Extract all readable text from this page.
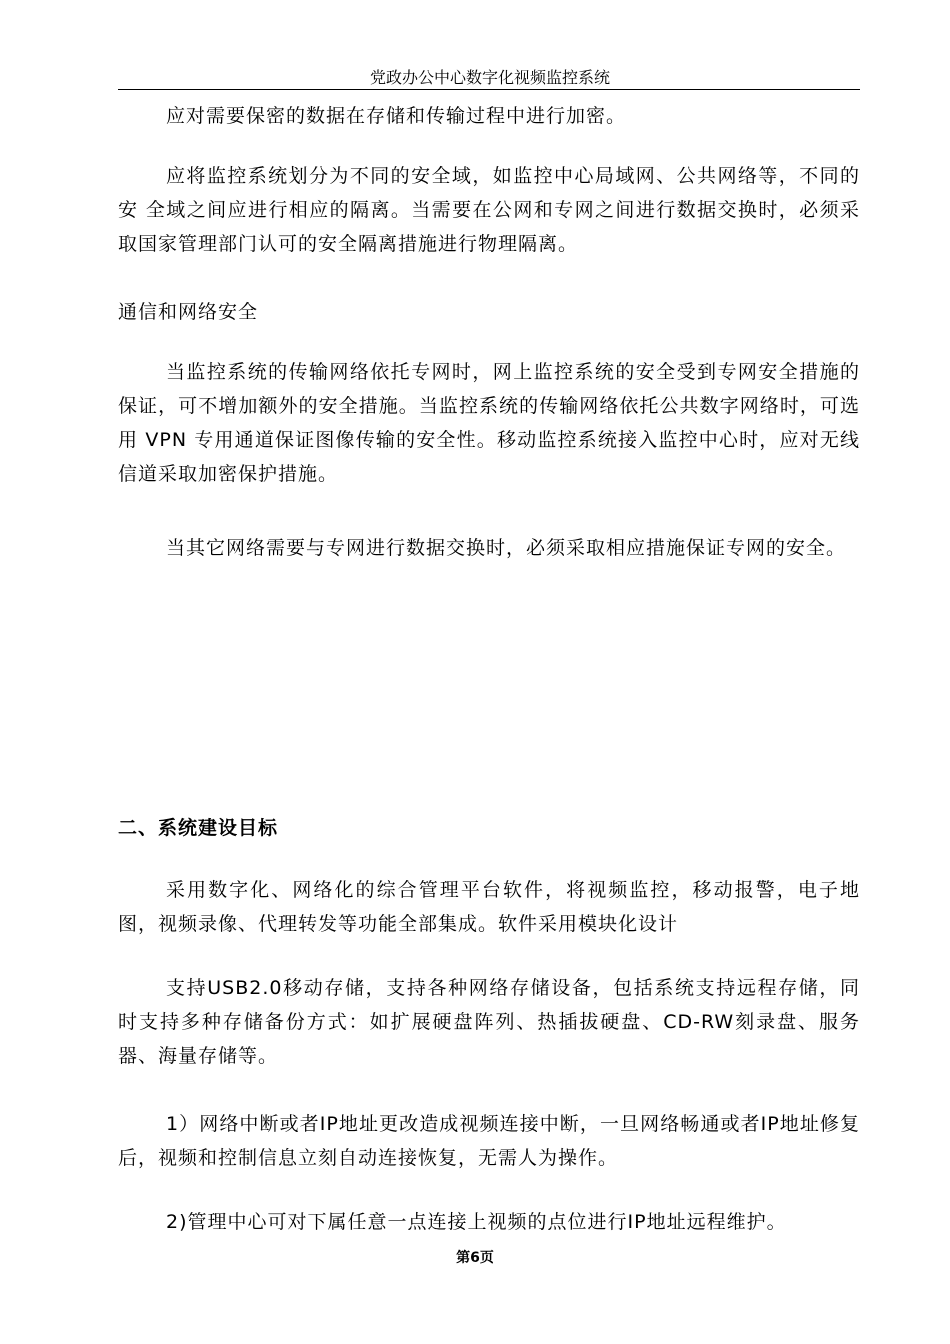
党政办公中心数字化视频监控系统

应对需要保密的数据在存储和传输过程中进行加密。

应将监控系统划分为不同的安全域，如监控中心局域网、公共网络等，不同的安 全域之间应进行相应的隔离。当需要在公网和专网之间进行数据交换时，必须采取国家管理部门认可的安全隔离措施进行物理隔离。

通信和网络安全

当监控系统的传输网络依托专网时，网上监控系统的安全受到专网安全措施的保证，可不增加额外的安全措施。当监控系统的传输网络依托公共数字网络时，可选用 VPN 专用通道保证图像传输的安全性。移动监控系统接入监控中心时，应对无线信道采取加密保护措施。

当其它网络需要与专网进行数据交换时，必须采取相应措施保证专网的安全。

二、系统建设目标

采用数字化、网络化的综合管理平台软件，将视频监控，移动报警，电子地图，视频录像、代理转发等功能全部集成。软件采用模块化设计

支持USB2.0移动存储，支持各种网络存储设备，包括系统支持远程存储，同时支持多种存储备份方式：如扩展硬盘阵列、热插拔硬盘、CD-RW刻录盘、服务器、海量存储等。

1）网络中断或者IP地址更改造成视频连接中断，一旦网络畅通或者IP地址修复后，视频和控制信息立刻自动连接恢复，无需人为操作。

2)管理中心可对下属任意一点连接上视频的点位进行IP地址远程维护。

第6页
